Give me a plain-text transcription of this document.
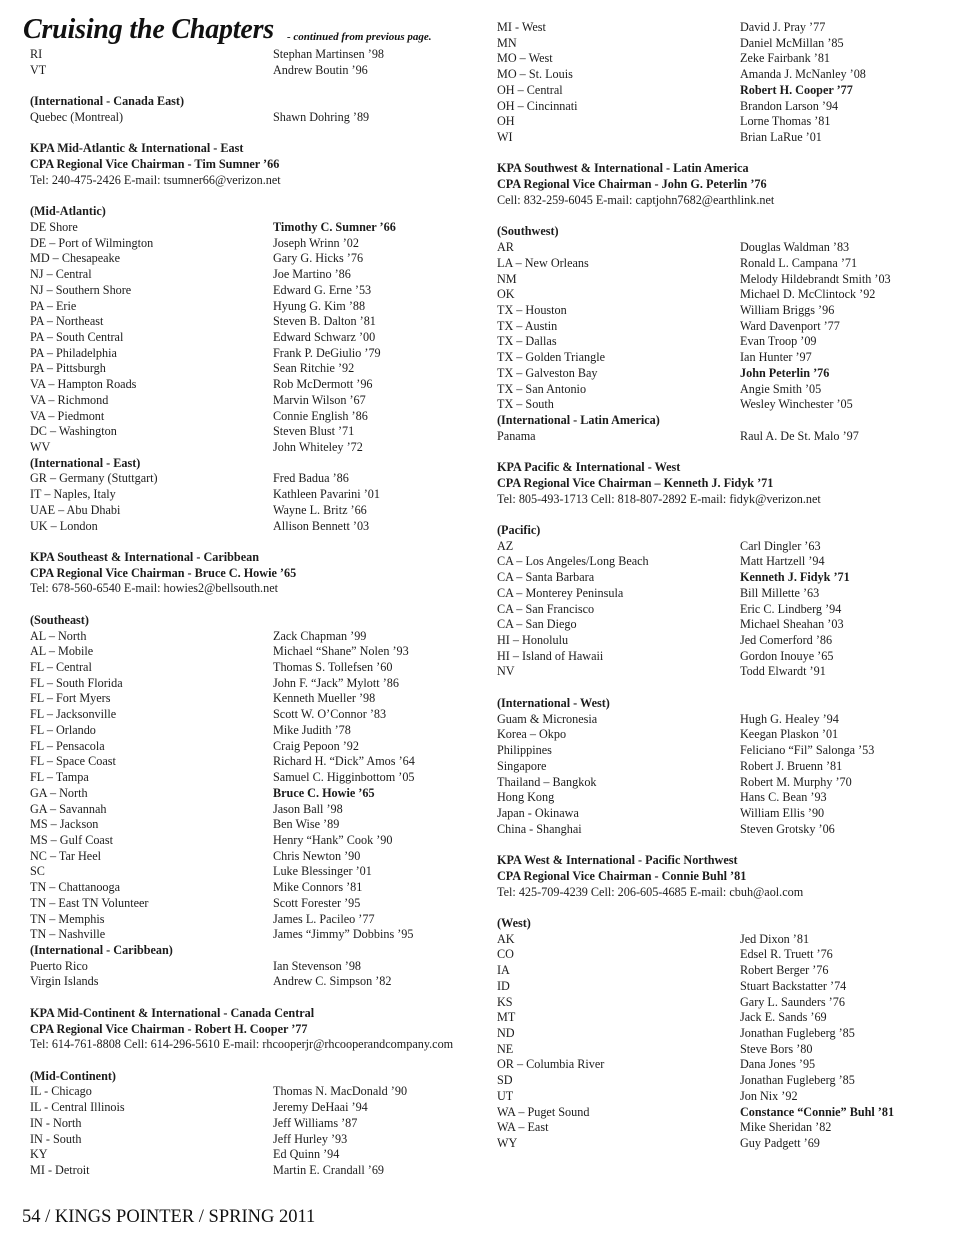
Cruising the Chapters - continued from previous page.
RI	Stephan Martinsen ’98
VT	Andrew Boutin ’96
(International - Canada East)
Quebec (Montreal)	Shawn Dohring ’89
KPA Mid-Atlantic & International - East
CPA Regional Vice Chairman - Tim Sumner ’66
Tel: 240-475-2426 E-mail: tsumner66@verizon.net
(Mid-Atlantic)
DE Shore	Timothy C. Sumner ’66
DE – Port of Wilmington	Joseph Wrinn ’02
MD – Chesapeake	Gary G. Hicks ’76
NJ – Central	Joe Martino ’86
NJ – Southern Shore	Edward G. Erne ’53
PA – Erie	Hyung G. Kim ’88
PA – Northeast	Steven B. Dalton ’81
PA – South Central	Edward Schwarz ’00
PA – Philadelphia	Frank P. DeGiulio ’79
PA – Pittsburgh	Sean Ritchie ’92
VA – Hampton Roads	Rob McDermott ’96
VA – Richmond	Marvin Wilson ’67
VA – Piedmont	Connie English ’86
DC – Washington	Steven Blust ’71
WV	John Whiteley ’72
(International - East)
GR – Germany (Stuttgart)	Fred Badua ’86
IT – Naples, Italy	Kathleen Pavarini ’01
UAE – Abu Dhabi	Wayne L. Britz ’66
UK – London	Allison Bennett ’03
KPA Southeast & International - Caribbean
CPA Regional Vice Chairman - Bruce C. Howie ’65
Tel: 678-560-6540 E-mail: howies2@bellsouth.net
(Southeast)
AL – North	Zack Chapman ’99
AL – Mobile	Michael “Shane” Nolen ’93
FL – Central	Thomas S. Tollefsen ’60
FL – South Florida	John F. “Jack” Mylott ’86
FL – Fort Myers	Kenneth Mueller ’98
FL – Jacksonville	Scott W. O’Connor ’83
FL – Orlando	Mike Judith ’78
FL – Pensacola	Craig Pepoon ’92
FL – Space Coast	Richard H. “Dick” Amos ’64
FL – Tampa	Samuel C. Higginbottom ’05
GA – North	Bruce C. Howie ’65
GA – Savannah	Jason Ball ’98
MS – Jackson	Ben Wise ’89
MS – Gulf Coast	Henry “Hank” Cook ’90
NC – Tar Heel	Chris Newton ’90
SC	Luke Blessinger ’01
TN – Chattanooga	Mike Connors ’81
TN – East TN Volunteer	Scott Forester ’95
TN – Memphis	James L. Pacileo ’77
TN – Nashville	James “Jimmy” Dobbins ’95
(International - Caribbean)
Puerto Rico	Ian Stevenson ’98
Virgin Islands	Andrew C. Simpson ’82
KPA Mid-Continent & International - Canada Central
CPA Regional Vice Chairman - Robert H. Cooper ’77
Tel: 614-761-8808 Cell: 614-296-5610 E-mail: rhcooperjr@rhcooperandcompany.com
(Mid-Continent)
IL - Chicago	Thomas N. MacDonald ’90
IL - Central Illinois	Jeremy DeHaai ’94
IN - North	Jeff Williams ’87
IN - South	Jeff Hurley ’93
KY	Ed Quinn ’94
MI - Detroit	Martin E. Crandall ’69
MI - West	David J. Pray ’77
MN	Daniel McMillan ’85
MO – West	Zeke Fairbank ’81
MO – St. Louis	Amanda J. McNanley ’08
OH – Central	Robert H. Cooper ’77
OH – Cincinnati	Brandon Larson ’94
OH	Lorne Thomas ’81
WI	Brian LaRue ’01
KPA Southwest & International - Latin America
CPA Regional Vice Chairman - John G. Peterlin ’76
Cell: 832-259-6045 E-mail: captjohn7682@earthlink.net
(Southwest)
AR	Douglas Waldman ’83
LA – New Orleans	Ronald L. Campana ’71
NM	Melody Hildebrandt Smith ’03
OK	Michael D. McClintock ’92
TX – Houston	William Briggs ’96
TX – Austin	Ward Davenport ’77
TX – Dallas	Evan Troop ’09
TX – Golden Triangle	Ian Hunter ’97
TX – Galveston Bay	John Peterlin ’76
TX – San Antonio	Angie Smith ’05
TX – South	Wesley Winchester ’05
(International - Latin America)
Panama	Raul A. De St. Malo ’97
KPA Pacific & International - West
CPA Regional Vice Chairman – Kenneth J. Fidyk ’71
Tel: 805-493-1713 Cell: 818-807-2892 E-mail: fidyk@verizon.net
(Pacific)
AZ	Carl Dingler ’63
CA – Los Angeles/Long Beach	Matt Hartzell ’94
CA – Santa Barbara	Kenneth J. Fidyk ’71
CA – Monterey Peninsula	Bill Millette ’63
CA – San Francisco	Eric C. Lindberg ’94
CA – San Diego	Michael Sheahan ’03
HI – Honolulu	Jed Comerford ’86
HI – Island of Hawaii	Gordon Inouye ’65
NV	Todd Elwardt ’91
(International - West)
Guam & Micronesia	Hugh G. Healey ’94
Korea – Okpo	Keegan Plaskon ’01
Philippines	Feliciano “Fil” Salonga ’53
Singapore	Robert J. Bruenn ’81
Thailand – Bangkok	Robert M. Murphy ’70
Hong Kong	Hans C. Bean ’93
Japan - Okinawa	William Ellis ’90
China - Shanghai	Steven Grotsky ’06
KPA West & International - Pacific Northwest
CPA Regional Vice Chairman - Connie Buhl ’81
Tel: 425-709-4239 Cell: 206-605-4685 E-mail: cbuh@aol.com
(West)
AK	Jed Dixon ’81
CO	Edsel R. Truett ’76
IA	Robert Berger ’76
ID	Stuart Backstatter ’74
KS	Gary L. Saunders ’76
MT	Jack E. Sands ’69
ND	Jonathan Fugleberg ’85
NE	Steve Bors ’80
OR – Columbia River	Dana Jones ’95
SD	Jonathan Fugleberg ’85
UT	Jon Nix ’92
WA – Puget Sound	Constance “Connie” Buhl ’81
WA – East	Mike Sheridan ’82
WY	Guy Padgett ’69
54 / KINGS POINTER / SPRING 2011
